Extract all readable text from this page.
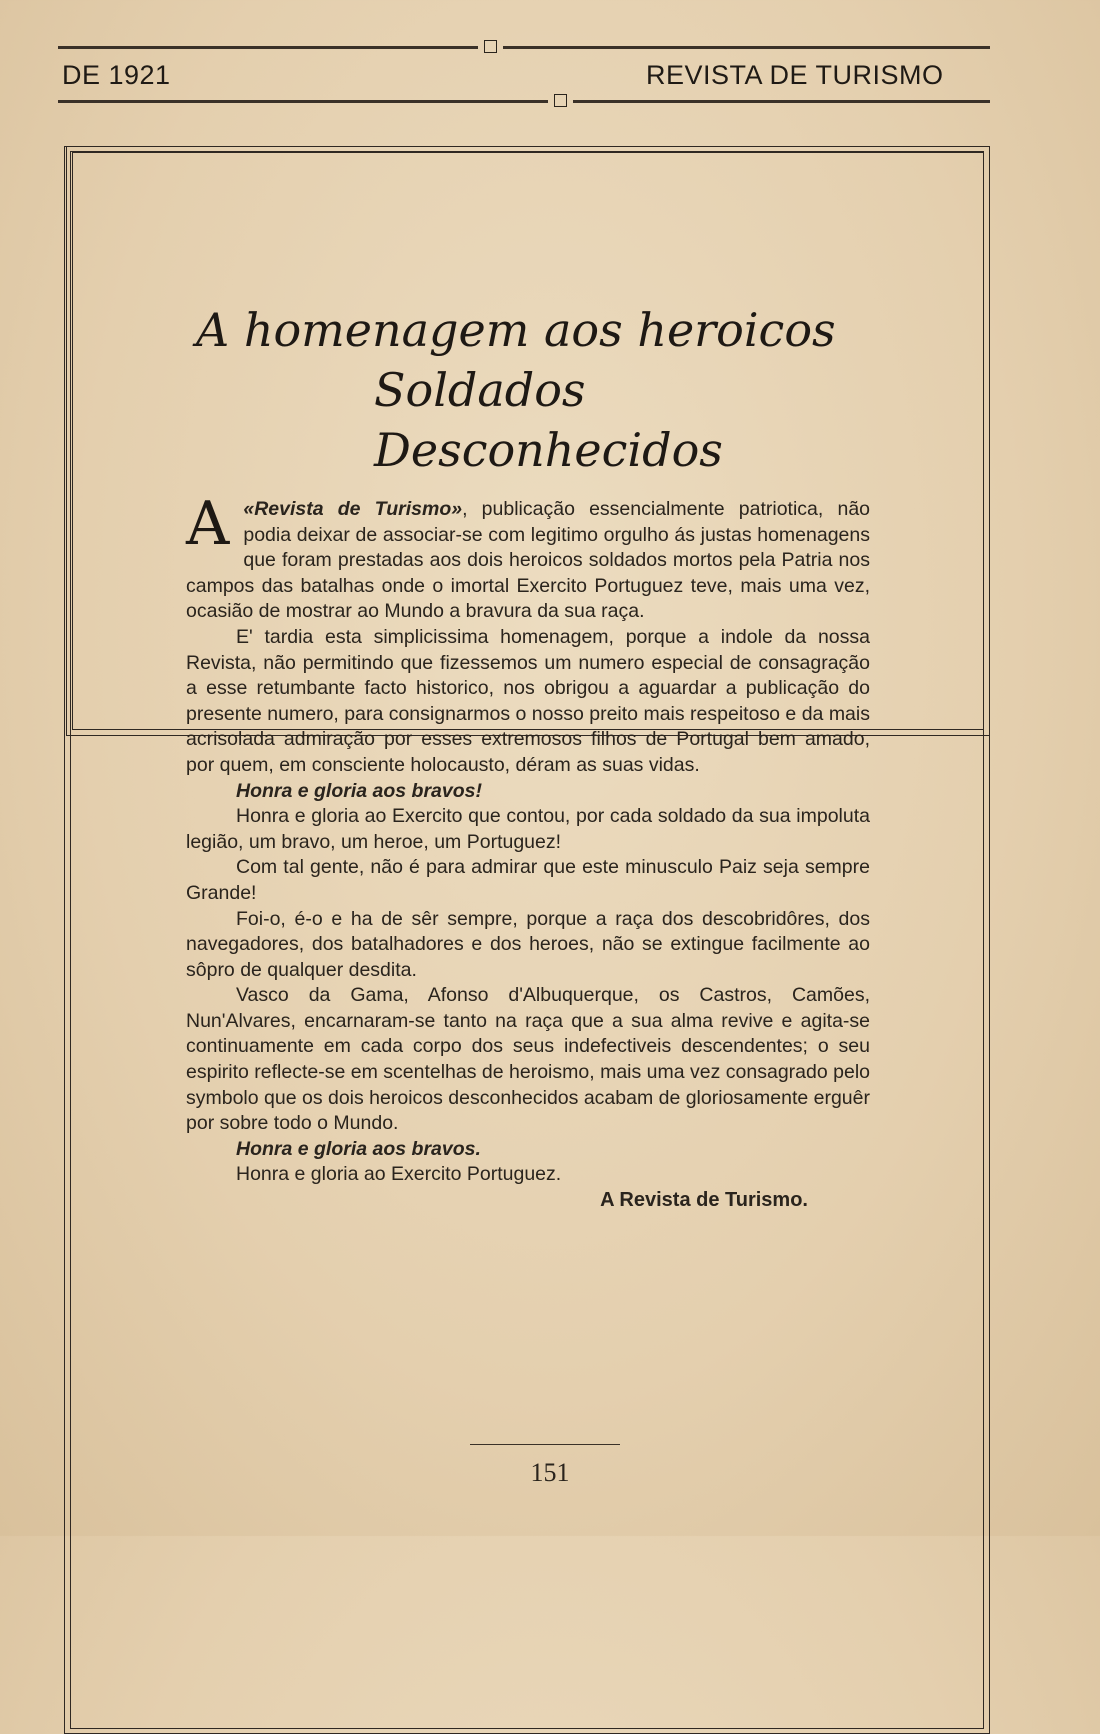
DE 1921	REVISTA DE TURISMO
A homenagem aos heroicos
Soldados Desconhecidos

A «Revista de Turismo», publicação essencialmente patriotica, não podia deixar de associar-se com legitimo orgulho ás justas homenagens que foram prestadas aos dois heroicos soldados mortos pela Patria nos campos das batalhas onde o imortal Exercito Portuguez teve, mais uma vez, ocasião de mostrar ao Mundo a bravura da sua raça.

E' tardia esta simplicissima homenagem, porque a indole da nossa Revista, não permitindo que fizessemos um numero especial de consagração a esse retumbante facto historico, nos obrigou a aguardar a publicação do presente numero, para consignarmos o nosso preito mais respeitoso e da mais acrisolada admiração por esses extremosos filhos de Portugal bem amado, por quem, em consciente holocausto, déram as suas vidas.

Honra e gloria aos bravos!

Honra e gloria ao Exercito que contou, por cada soldado da sua impoluta legião, um bravo, um heroe, um Portuguez!

Com tal gente, não é para admirar que este minusculo Paiz seja sempre Grande!

Foi-o, é-o e ha de sêr sempre, porque a raça dos descobridôres, dos navegadores, dos batalhadores e dos heroes, não se extingue facilmente ao sôpro de qualquer desdita.

Vasco da Gama, Afonso d'Albuquerque, os Castros, Camões, Nun'Alvares, encarnaram-se tanto na raça que a sua alma revive e agita-se continuamente em cada corpo dos seus indefectiveis descendentes; o seu espirito reflecte-se em scentelhas de heroismo, mais uma vez consagrado pelo symbolo que os dois heroicos desconhecidos acabam de gloriosamente erguêr por sobre todo o Mundo.

Honra e gloria aos bravos.

Honra e gloria ao Exercito Portuguez.

A Revista de Turismo.

151
